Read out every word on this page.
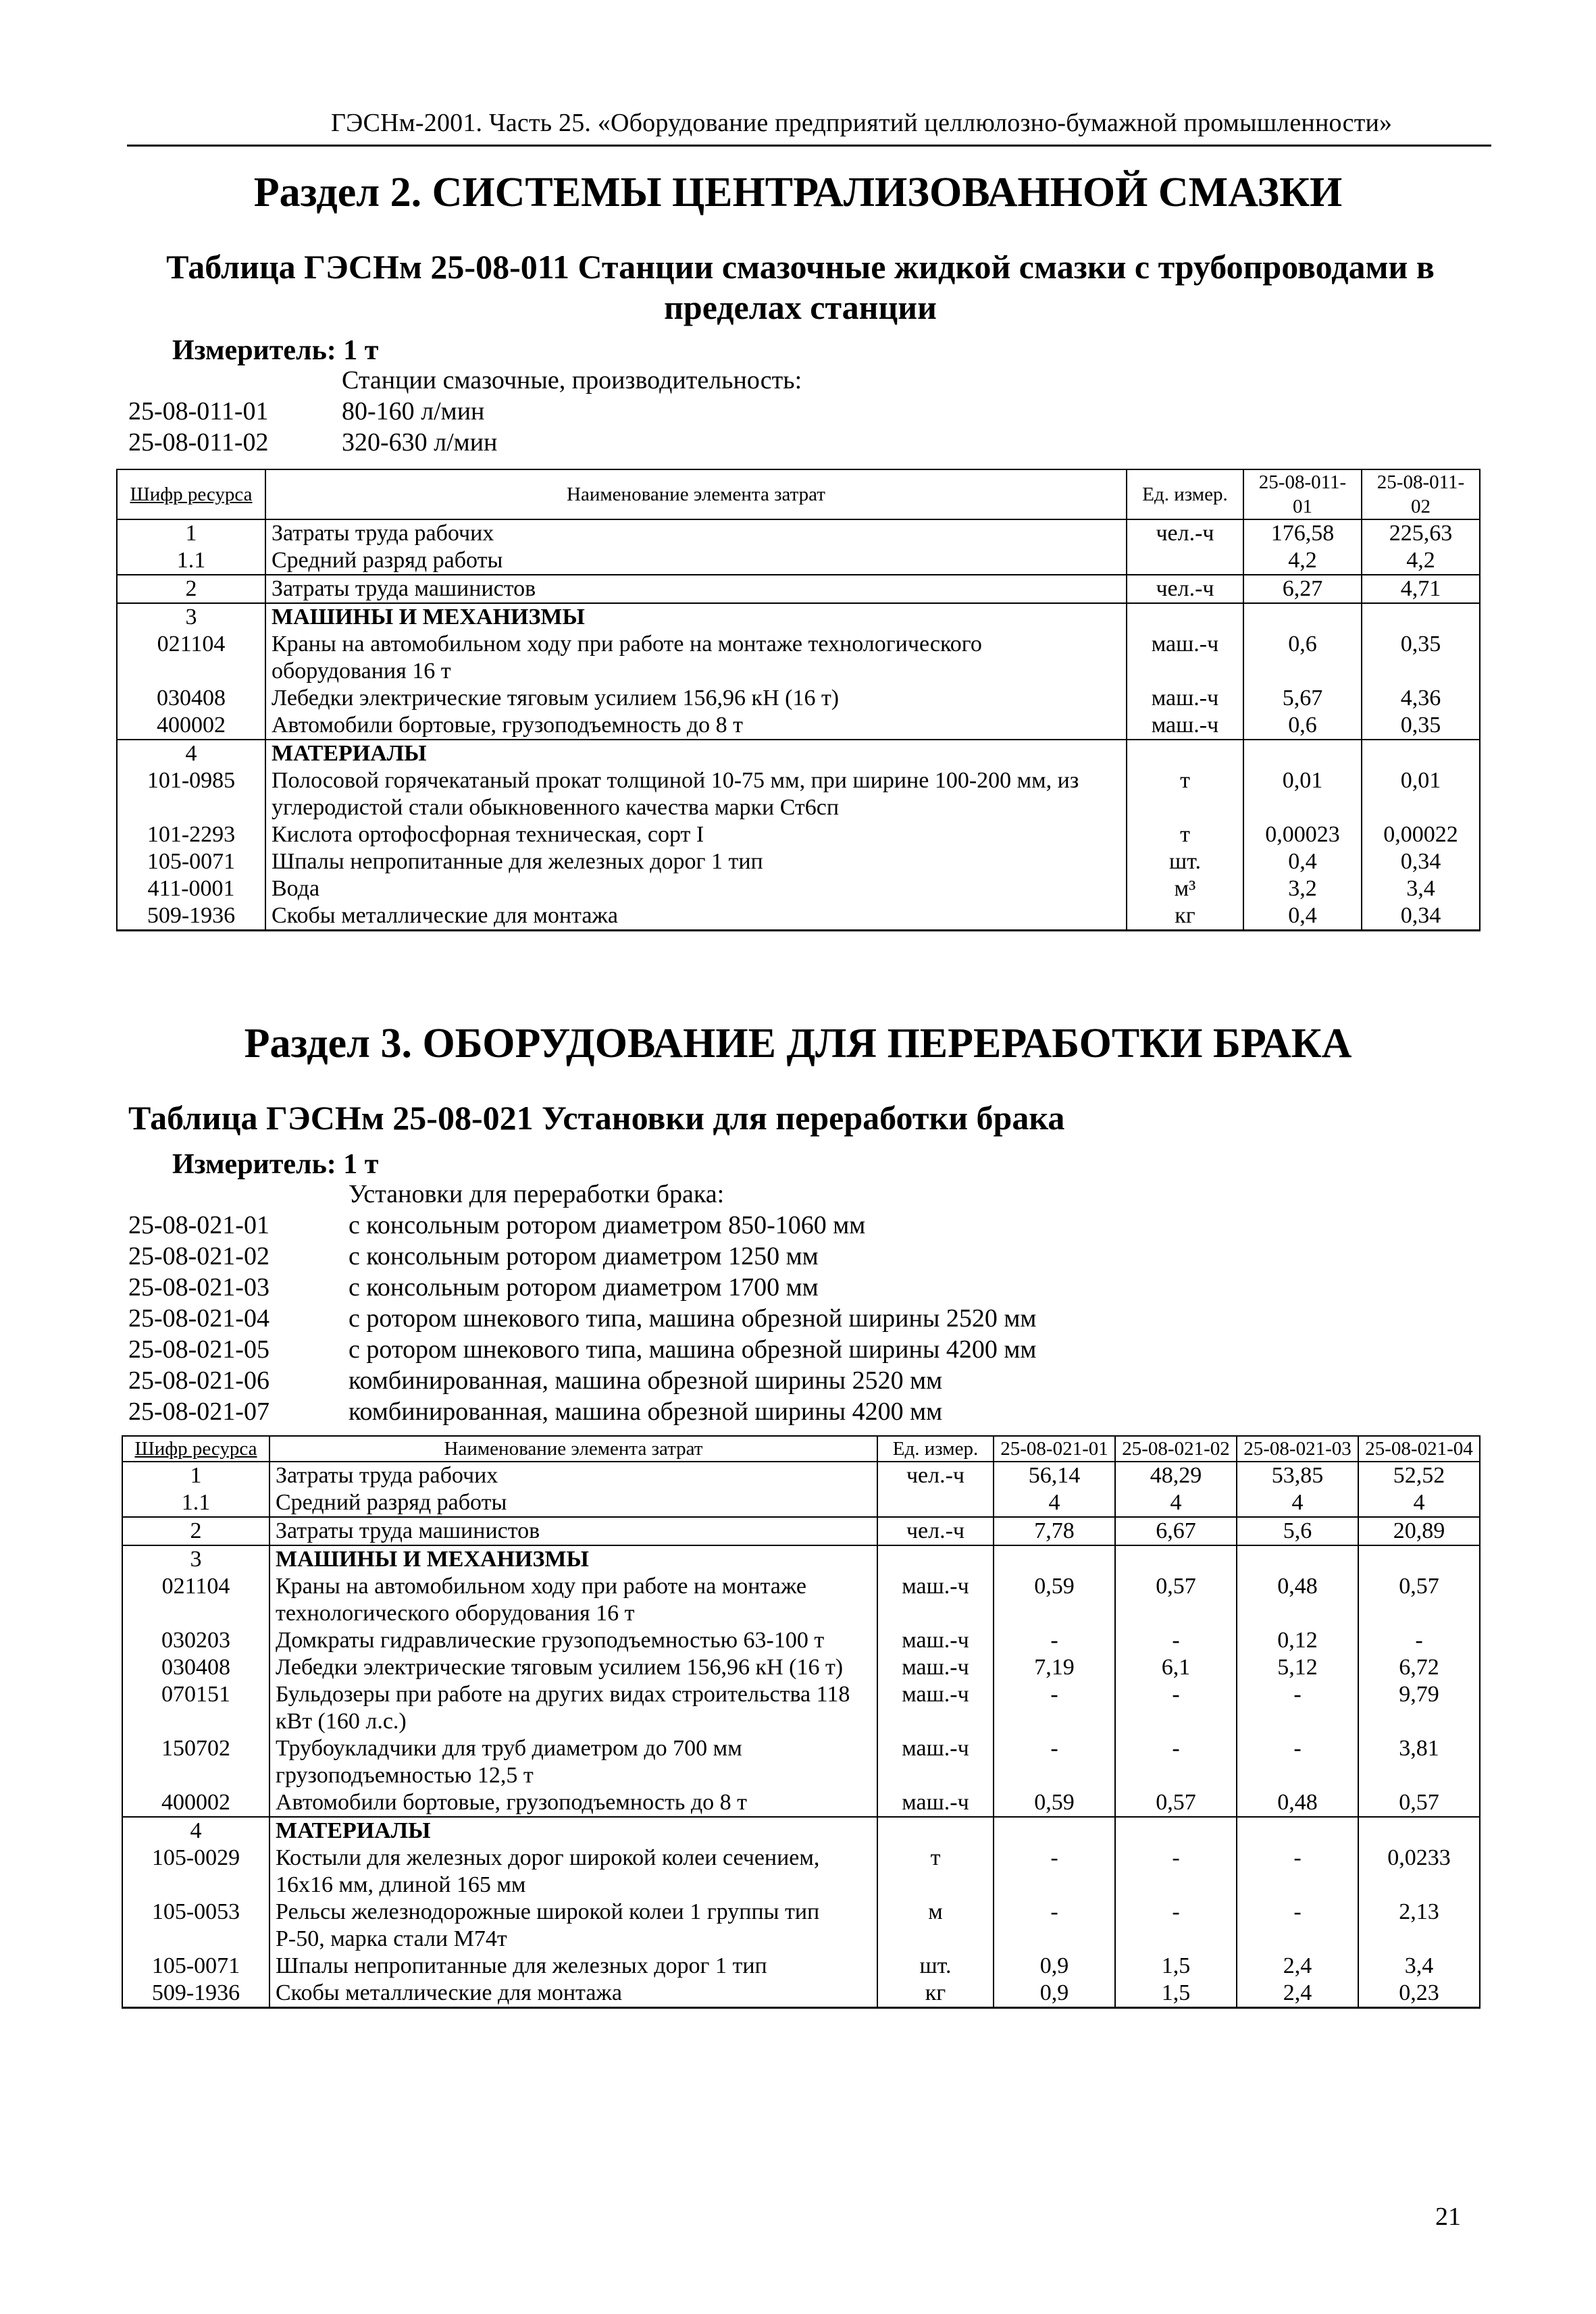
ГЭСНм-2001. Часть 25. «Оборудование предприятий целлюлозно-бумажной промышленности»
Раздел 2. СИСТЕМЫ ЦЕНТРАЛИЗОВАННОЙ СМАЗКИ
Таблица ГЭСНм 25-08-011 Станции смазочные жидкой смазки с трубопроводами в
пределах станции
Измеритель: 1 т
Станции смазочные, производительность:
25-08-011-01	80-160 л/мин
25-08-011-02	320-630 л/мин
Шифр ресурса	Наименование элемента затрат	Ед. измер.	25-08-011-01	25-08-011-02
1	Затраты труда рабочих	чел.-ч	176,58	225,63
1.1	Средний разряд работы		4,2	4,2
2	Затраты труда машинистов	чел.-ч	6,27	4,71
3	МАШИНЫ И МЕХАНИЗМЫ			
021104	Краны на автомобильном ходу при работе на монтаже технологического оборудования 16 т	маш.-ч	0,6	0,35
030408	Лебедки электрические тяговым усилием 156,96 кН (16 т)	маш.-ч	5,67	4,36
400002	Автомобили бортовые, грузоподъемность до 8 т	маш.-ч	0,6	0,35
4	МАТЕРИАЛЫ			
101-0985	Полосовой горячекатаный прокат толщиной 10-75 мм, при ширине 100-200 мм, из углеродистой стали обыкновенного качества марки Ст6сп	т	0,01	0,01
101-2293	Кислота ортофосфорная техническая, сорт I	т	0,00023	0,00022
105-0071	Шпалы непропитанные для железных дорог 1 тип	шт.	0,4	0,34
411-0001	Вода	м³	3,2	3,4
509-1936	Скобы металлические для монтажа	кг	0,4	0,34
Раздел 3. ОБОРУДОВАНИЕ ДЛЯ ПЕРЕРАБОТКИ БРАКА
Таблица ГЭСНм 25-08-021 Установки для переработки брака
Измеритель: 1 т
Установки для переработки брака:
25-08-021-01	с консольным ротором диаметром 850-1060 мм
25-08-021-02	с консольным ротором диаметром 1250 мм
25-08-021-03	с консольным ротором диаметром 1700 мм
25-08-021-04	с ротором шнекового типа, машина обрезной ширины 2520 мм
25-08-021-05	с ротором шнекового типа, машина обрезной ширины 4200 мм
25-08-021-06	комбинированная, машина обрезной ширины 2520 мм
25-08-021-07	комбинированная, машина обрезной ширины 4200 мм
Шифр ресурса	Наименование элемента затрат	Ед. измер.	25-08-021-01	25-08-021-02	25-08-021-03	25-08-021-04
1	Затраты труда рабочих	чел.-ч	56,14	48,29	53,85	52,52
1.1	Средний разряд работы		4	4	4	4
2	Затраты труда машинистов	чел.-ч	7,78	6,67	5,6	20,89
3	МАШИНЫ И МЕХАНИЗМЫ					
021104	Краны на автомобильном ходу при работе на монтаже технологического оборудования 16 т	маш.-ч	0,59	0,57	0,48	0,57
030203	Домкраты гидравлические грузоподъемностью 63-100 т	маш.-ч	-	-	0,12	-
030408	Лебедки электрические тяговым усилием 156,96 кН (16 т)	маш.-ч	7,19	6,1	5,12	6,72
070151	Бульдозеры при работе на других видах строительства 118 кВт (160 л.с.)	маш.-ч	-	-	-	9,79
150702	Трубоукладчики для труб диаметром до 700 мм грузоподъемностью 12,5 т	маш.-ч	-	-	-	3,81
400002	Автомобили бортовые, грузоподъемность до 8 т	маш.-ч	0,59	0,57	0,48	0,57
4	МАТЕРИАЛЫ					
105-0029	Костыли для железных дорог широкой колеи сечением, 16х16 мм, длиной 165 мм	т	-	-	-	0,0233
105-0053	Рельсы железнодорожные широкой колеи 1 группы тип Р-50, марка стали М74т	м	-	-	-	2,13
105-0071	Шпалы непропитанные для железных дорог 1 тип	шт.	0,9	1,5	2,4	3,4
509-1936	Скобы металлические для монтажа	кг	0,9	1,5	2,4	0,23
21
